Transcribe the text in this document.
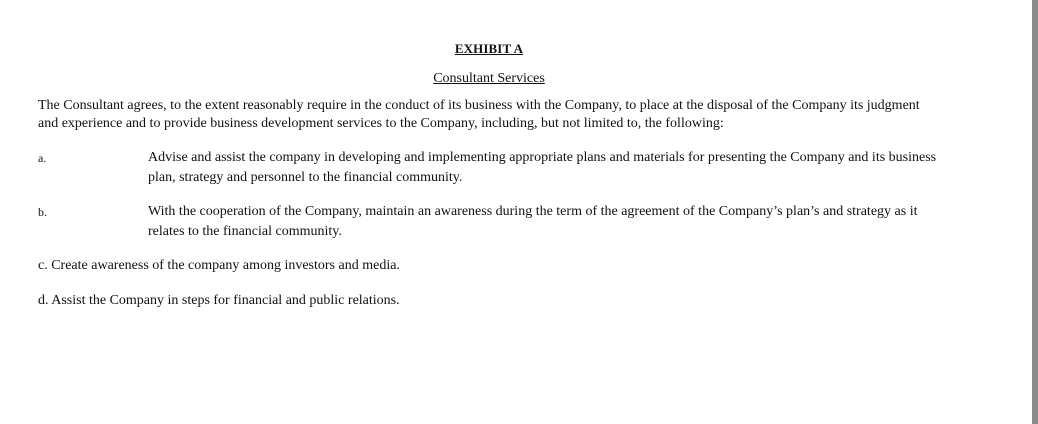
EXHIBIT A
Consultant Services
The Consultant agrees, to the extent reasonably require in the conduct of its business with the Company, to place at the disposal of the Company its judgment and experience and to provide business development services to the Company, including, but not limited to, the following:
a.	Advise and assist the company in developing and implementing appropriate plans and materials for presenting the Company and its business plan, strategy and personnel to the financial community.
b.	With the cooperation of the Company, maintain an awareness during the term of the agreement of the Company’s plan’s and strategy as it relates to the financial community.
c. Create awareness of the company among investors and media.
d. Assist the Company in steps for financial and public relations.
